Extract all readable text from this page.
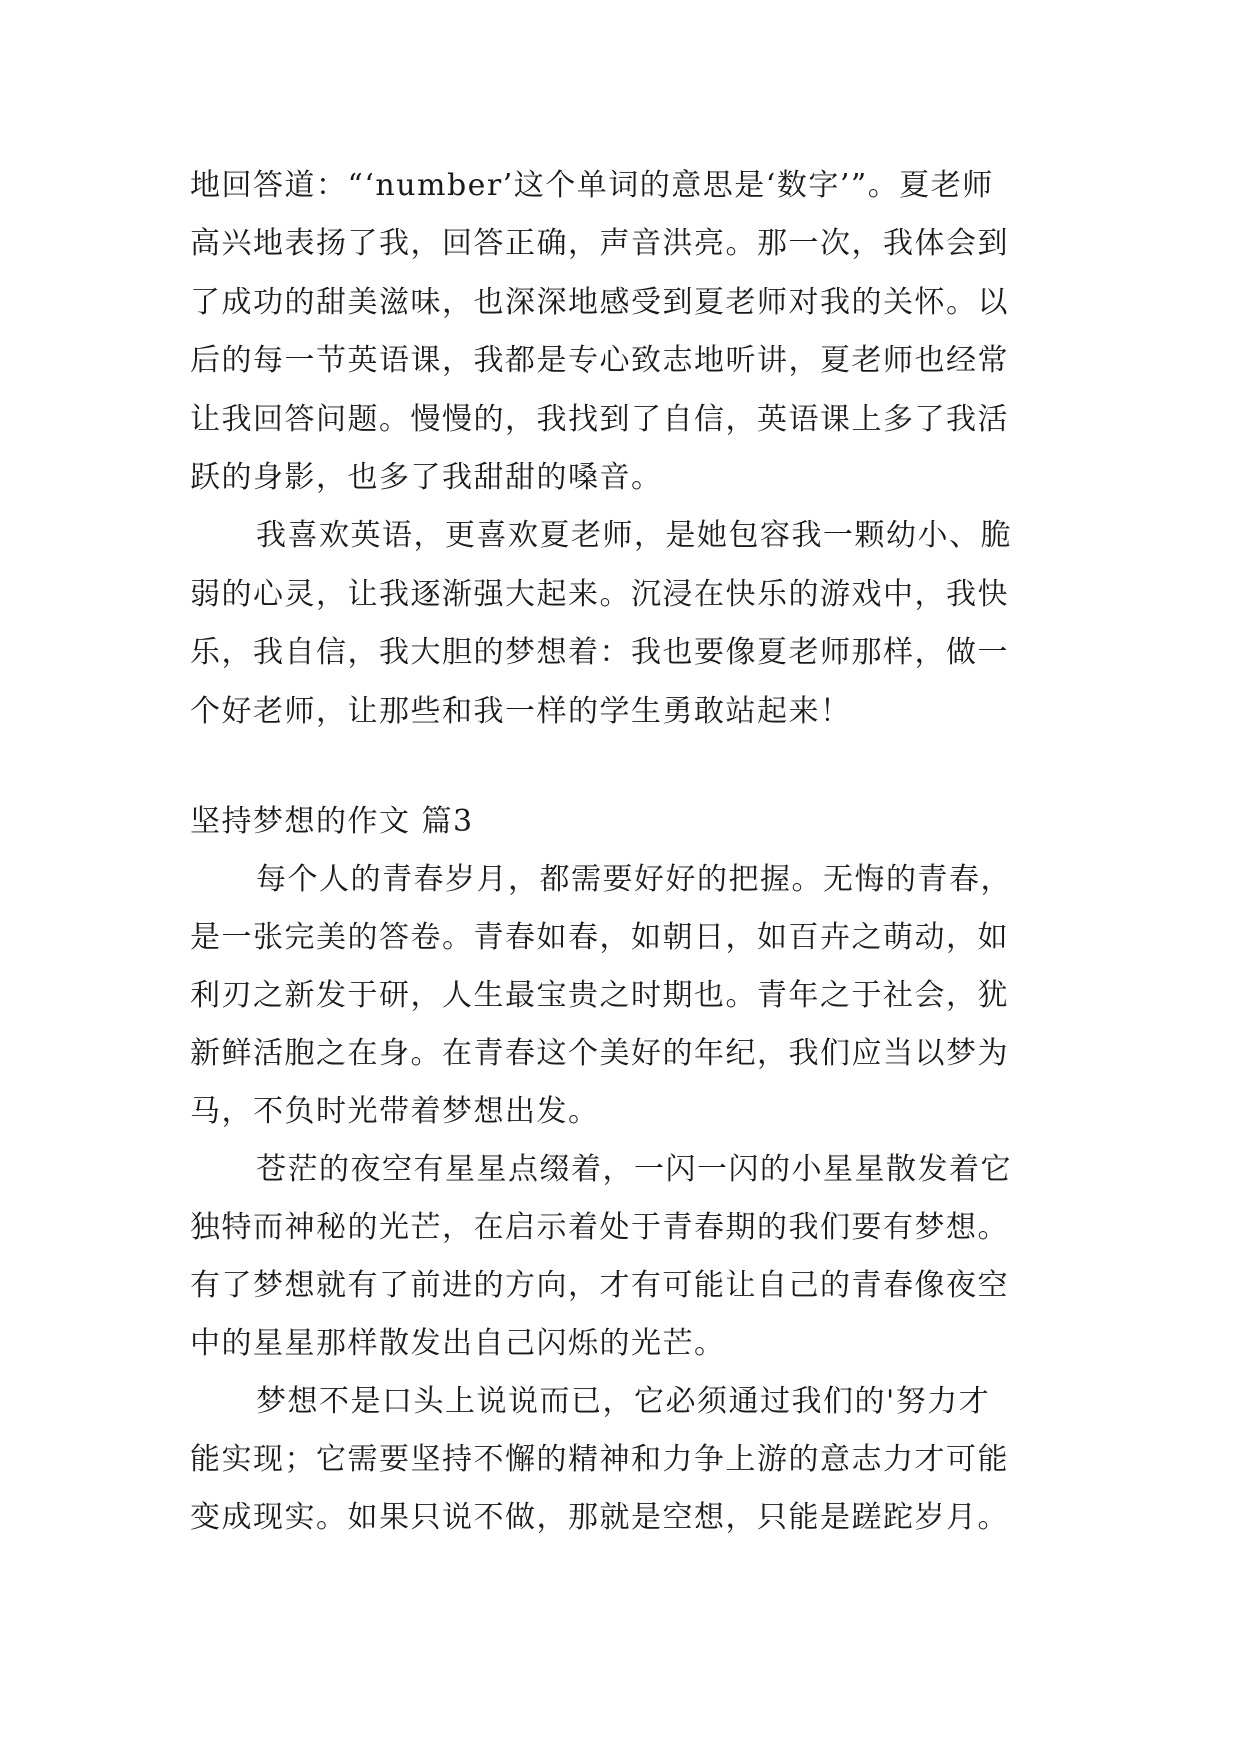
地回答道：“‘number’这个单词的意思是‘数字’”。夏老师
高兴地表扬了我，回答正确，声音洪亮。那一次，我体会到
了成功的甜美滋味，也深深地感受到夏老师对我的关怀。以
后的每一节英语课，我都是专心致志地听讲，夏老师也经常
让我回答问题。慢慢的，我找到了自信，英语课上多了我活
跃的身影，也多了我甜甜的嗓音。
我喜欢英语，更喜欢夏老师，是她包容我一颗幼小、脆
弱的心灵，让我逐渐强大起来。沉浸在快乐的游戏中，我快
乐，我自信，我大胆的梦想着：我也要像夏老师那样，做一
个好老师，让那些和我一样的学生勇敢站起来！
坚持梦想的作文 篇3
每个人的青春岁月，都需要好好的把握。无悔的青春，
是一张完美的答卷。青春如春，如朝日，如百卉之萌动，如
利刃之新发于研，人生最宝贵之时期也。青年之于社会，犹
新鲜活胞之在身。在青春这个美好的年纪，我们应当以梦为
马，不负时光带着梦想出发。
苍茫的夜空有星星点缀着，一闪一闪的小星星散发着它
独特而神秘的光芒，在启示着处于青春期的我们要有梦想。
有了梦想就有了前进的方向，才有可能让自己的青春像夜空
中的星星那样散发出自己闪烁的光芒。
梦想不是口头上说说而已，它必须通过我们的'努力才
能实现；它需要坚持不懈的精神和力争上游的意志力才可能
变成现实。如果只说不做，那就是空想，只能是蹉跎岁月。
